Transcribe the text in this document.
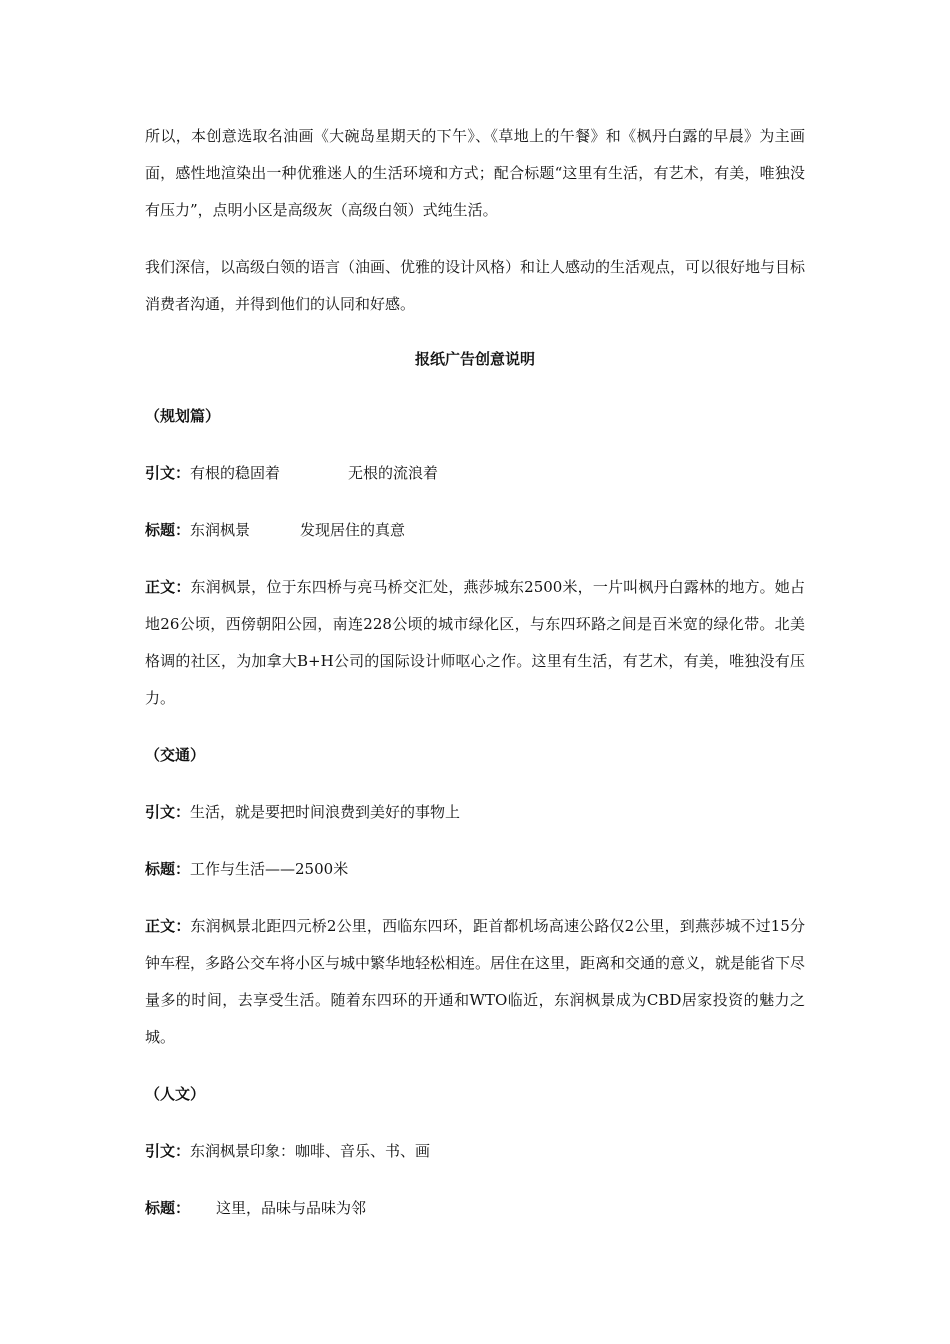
所以，本创意选取名油画《大碗岛星期天的下午》、《草地上的午餐》和《枫丹白露的早晨》为主画面，感性地渲染出一种优雅迷人的生活环境和方式；配合标题“这里有生活，有艺术，有美，唯独没有压力”，点明小区是高级灰（高级白领）式纯生活。

我们深信，以高级白领的语言（油画、优雅的设计风格）和让人感动的生活观点，可以很好地与目标消费者沟通，并得到他们的认同和好感。

报纸广告创意说明
（规划篇）

引文：有根的稳固着	无根的流浪着

标题：东润枫景	发现居住的真意

正文：东润枫景，位于东四桥与亮马桥交汇处，燕莎城东2500米，一片叫枫丹白露林的地方。她占地26公顷，西傍朝阳公园，南连228公顷的城市绿化区，与东四环路之间是百米宽的绿化带。北美格调的社区，为加拿大B+H公司的国际设计师呕心之作。这里有生活，有艺术，有美，唯独没有压力。

（交通）

引文：生活，就是要把时间浪费到美好的事物上

标题：工作与生活——2500米

正文：东润枫景北距四元桥2公里，西临东四环，距首都机场高速公路仅2公里，到燕莎城不过15分钟车程，多路公交车将小区与城中繁华地轻松相连。居住在这里，距离和交通的意义，就是能省下尽量多的时间，去享受生活。随着东四环的开通和WTO临近，东润枫景成为CBD居家投资的魅力之城。

（人文）

引文：东润枫景印象：咖啡、音乐、书、画

标题： 这里，品味与品味为邻
